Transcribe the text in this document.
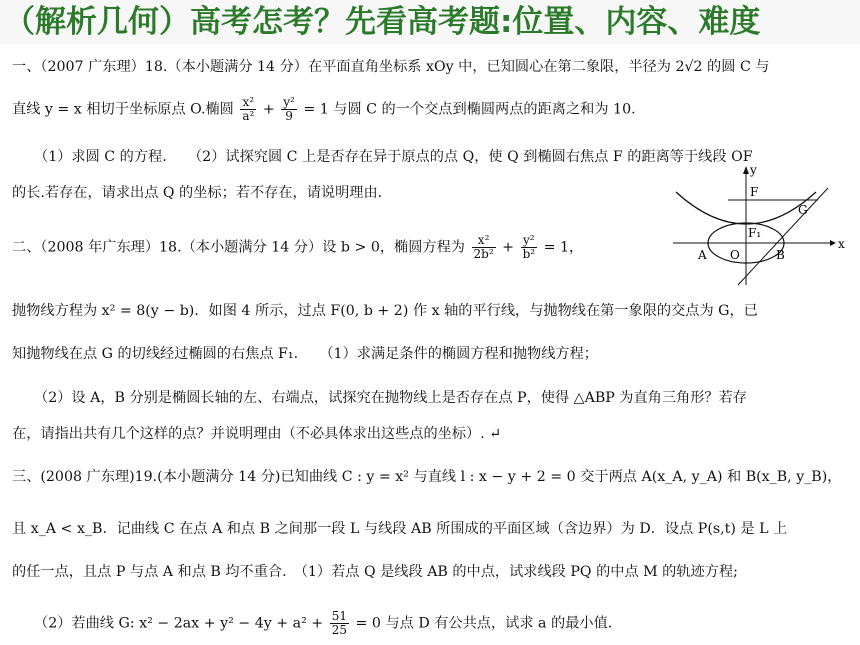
（解析几何）高考怎考？先看高考题:位置、内容、难度
一、（2007 广东理）18.（本小题满分 14 分）在平面直角坐标系 xOy 中，已知圆心在第二象限，半径为 2√2 的圆 C 与
直线 y = x 相切于坐标原点 O.椭圆 $\frac{\text{x²}}{\text{a²}} + \frac{\text{y²}}{9} = 1$ 与圆 C 的一个交点到椭圆两点的距离之和为 10.
（1）求圆 C 的方程.　　（2）试探究圆 C 上是否存在异于原点的点 Q，使 Q 到椭圆右焦点 F 的距离等于线段 OF
的长.若存在，请求出点 Q 的坐标；若不存在，请说明理由.
二、（2008 年广东理）18.（本小题满分 14 分）设 b > 0，椭圆方程为 $\frac{\text{x²}}{\text{2b²}} + \frac{\text{y²}}{\text{b²}} = 1$，
抛物线方程为 x² = 8(y − b)．如图 4 所示，过点 F(0, b + 2) 作 x 轴的平行线，与抛物线在第一象限的交点为 G，已
知抛物线在点 G 的切线经过椭圆的右焦点 F₁.　　（1）求满足条件的椭圆方程和抛物线方程；
（2）设 A，B 分别是椭圆长轴的左、右端点，试探究在抛物线上是否存在点 P，使得 △ABP 为直角三角形？若存
在，请指出共有几个这样的点？并说明理由（不必具体求出这些点的坐标）. ↵
三、(2008 广东理)19.(本小题满分 14 分)已知曲线 C : y = x² 与直线 l : x − y + 2 = 0 交于两点 A(x_A, y_A) 和 B(x_B, y_B)，
且 x_A < x_B．记曲线 C 在点 A 和点 B 之间那一段 L 与线段 AB 所围成的平面区域（含边界）为 D．设点 P(s,t) 是 L 上
的任一点，且点 P 与点 A 和点 B 均不重合.　（1）若点 Q 是线段 AB 的中点，试求线段 PQ 的中点 M 的轨迹方程;
（2）若曲线 G: $x^2 - 2ax + y^2 - 4y + a^2 + \frac{51}{25} = 0$ 与点 D 有公共点，试求 a 的最小值.
y
x
F
G
F₁
A O	B
